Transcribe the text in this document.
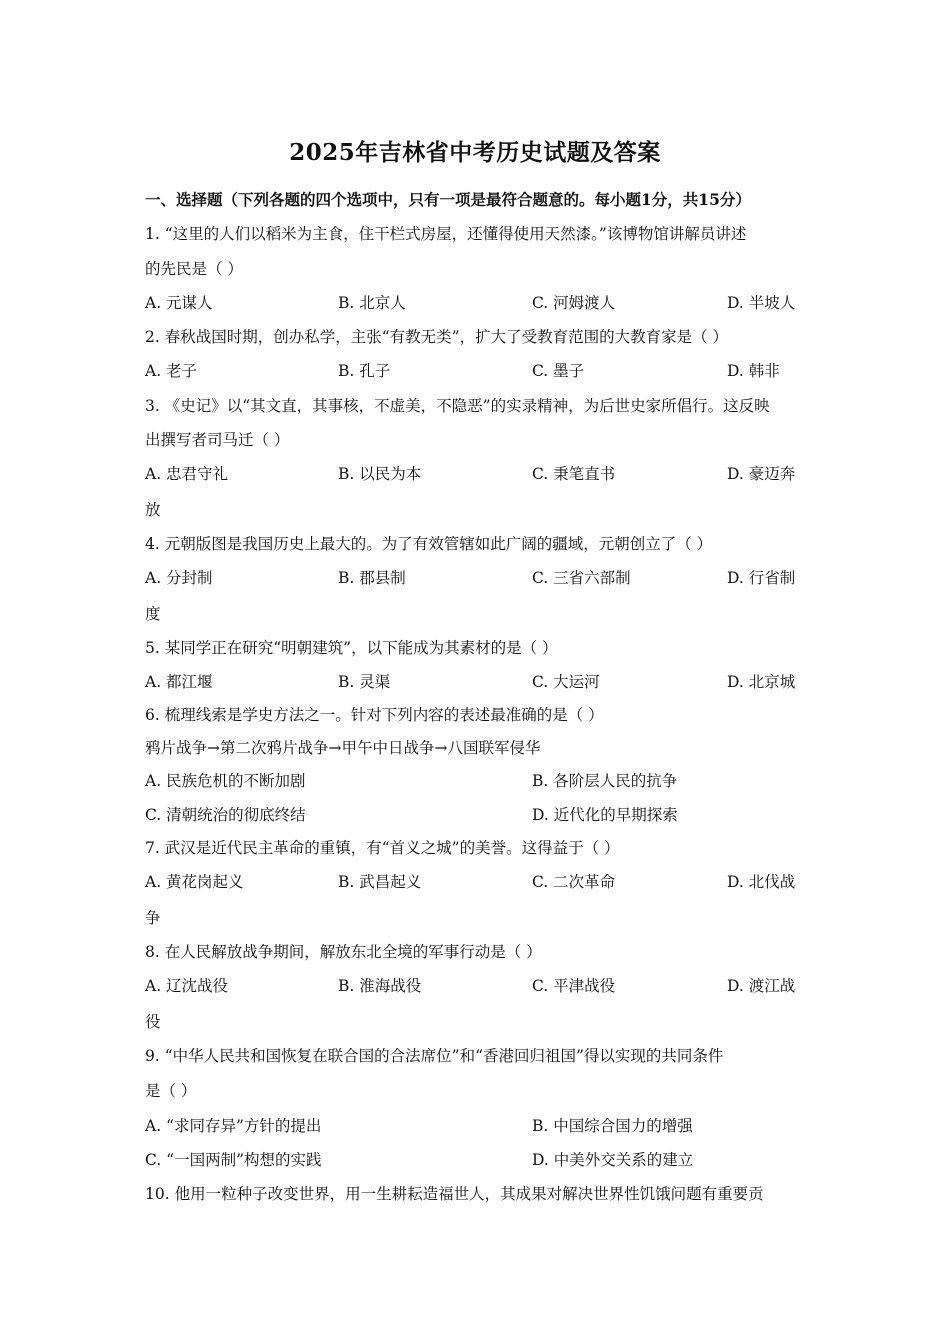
2025年吉林省中考历史试题及答案
一、选择题（下列各题的四个选项中，只有一项是最符合题意的。每小题1分，共15分）
1. “这里的人们以稻米为主食，住干栏式房屋，还懂得使用天然漆。”该博物馆讲解员讲述
的先民是（ ）
A. 元谋人	B. 北京人	C. 河姆渡人	D. 半坡人
2. 春秋战国时期，创办私学，主张“有教无类”，扩大了受教育范围的大教育家是（ ）
A. 老子	B. 孔子	C. 墨子	D. 韩非
3. 《史记》以“其文直，其事核，不虚美，不隐恶”的实录精神，为后世史家所倡行。这反映
出撰写者司马迁（ ）
A. 忠君守礼	B. 以民为本	C. 秉笔直书	D. 豪迈奔
放
4. 元朝版图是我国历史上最大的。为了有效管辖如此广阔的疆域，元朝创立了（ ）
A. 分封制	B. 郡县制	C. 三省六部制	D. 行省制
度
5. 某同学正在研究“明朝建筑”，以下能成为其素材的是（ ）
A. 都江堰	B. 灵渠	C. 大运河	D. 北京城
6. 梳理线索是学史方法之一。针对下列内容的表述最准确的是（ ）
鸦片战争→第二次鸦片战争→甲午中日战争→八国联军侵华
A. 民族危机的不断加剧	B. 各阶层人民的抗争
C. 清朝统治的彻底终结	D. 近代化的早期探索
7. 武汉是近代民主革命的重镇，有“首义之城”的美誉。这得益于（ ）
A. 黄花岗起义	B. 武昌起义	C. 二次革命	D. 北伐战
争
8. 在人民解放战争期间，解放东北全境的军事行动是（ ）
A. 辽沈战役	B. 淮海战役	C. 平津战役	D. 渡江战
役
9. “中华人民共和国恢复在联合国的合法席位”和“香港回归祖国”得以实现的共同条件
是（ ）
A. “求同存异”方针的提出	B. 中国综合国力的增强
C. “一国两制”构想的实践	D. 中美外交关系的建立
10. 他用一粒种子改变世界，用一生耕耘造福世人，其成果对解决世界性饥饿问题有重要贡
